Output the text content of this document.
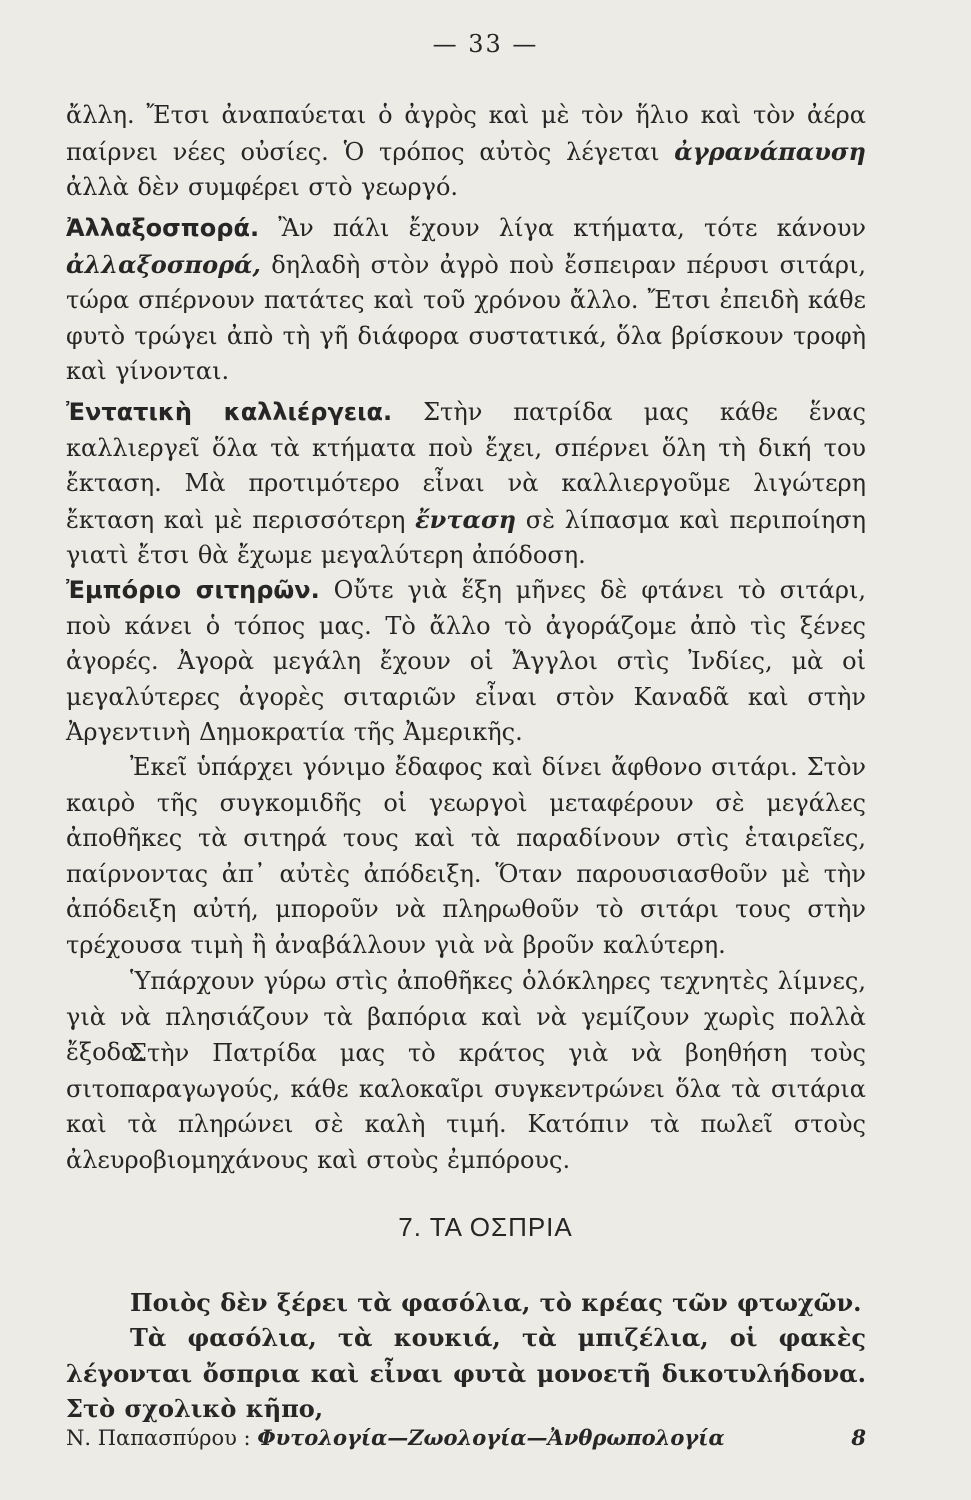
— 33 —

ἄλλη. Ἔτσι ἀναπαύεται ὁ ἀγρὸς καὶ μὲ τὸν ἥλιο καὶ τὸν ἀέρα παίρνει νέες οὐσίες. Ὁ τρόπος αὐτὸς λέγεται ἀγρανάπαυση ἀλλὰ δὲν συμφέρει στὸ γεωργό.

Ἀλλαξοσπορά. Ἂν πάλι ἔχουν λίγα κτήματα, τότε κάνουν ἀλλαξοσπορά, δηλαδὴ στὸν ἀγρὸ ποὺ ἔσπειραν πέρυσι σιτάρι, τώρα σπέρνουν πατάτες καὶ τοῦ χρόνου ἄλλο. Ἔτσι ἐπειδὴ κάθε φυτὸ τρώγει ἀπὸ τὴ γῆ διάφορα συστατικά, ὅλα βρίσκουν τροφὴ καὶ γίνονται.

Ἐντατικὴ καλλιέργεια. Στὴν πατρίδα μας κάθε ἕνας καλλιεργεῖ ὅλα τὰ κτήματα ποὺ ἔχει, σπέρνει ὅλη τὴ δική του ἔκταση. Μὰ προτιμότερο εἶναι νὰ καλλιεργοῦμε λιγώτερη ἔκταση καὶ μὲ περισσότερη ἔνταση σὲ λίπασμα καὶ περιποίηση γιατὶ ἔτσι θὰ ἔχωμε μεγαλύτερη ἀπόδοση.

Ἐμπόριο σιτηρῶν. Οὔτε γιὰ ἕξη μῆνες δὲ φτάνει τὸ σιτάρι, ποὺ κάνει ὁ τόπος μας. Τὸ ἄλλο τὸ ἀγοράζομε ἀπὸ τὶς ξένες ἀγορές. Ἀγορὰ μεγάλη ἔχουν οἱ Ἄγγλοι στὶς Ἰνδίες, μὰ οἱ μεγαλύτερες ἀγορὲς σιταριῶν εἶναι στὸν Καναδᾶ καὶ στὴν Ἀργεντινὴ Δημοκρατία τῆς Ἀμερικῆς.

Ἐκεῖ ὑπάρχει γόνιμο ἔδαφος καὶ δίνει ἄφθονο σιτάρι. Στὸν καιρὸ τῆς συγκομιδῆς οἱ γεωργοὶ μεταφέρουν σὲ μεγάλες ἀποθῆκες τὰ σιτηρά τους καὶ τὰ παραδίνουν στὶς ἑταιρεῖες, παίρνοντας ἀπ᾽ αὐτὲς ἀπόδειξη. Ὅταν παρουσιασθοῦν μὲ τὴν ἀπόδειξη αὐτή, μποροῦν νὰ πληρωθοῦν τὸ σιτάρι τους στὴν τρέχουσα τιμὴ ἢ ἀναβάλλουν γιὰ νὰ βροῦν καλύτερη.

Ὑπάρχουν γύρω στὶς ἀποθῆκες ὁλόκληρες τεχνητὲς λίμνες, γιὰ νὰ πλησιάζουν τὰ βαπόρια καὶ νὰ γεμίζουν χωρὶς πολλὰ ἔξοδα.

Στὴν Πατρίδα μας τὸ κράτος γιὰ νὰ βοηθήση τοὺς σιτοπαραγωγούς, κάθε καλοκαῖρι συγκεντρώνει ὅλα τὰ σιτάρια καὶ τὰ πληρώνει σὲ καλὴ τιμή. Κατόπιν τὰ πωλεῖ στοὺς ἀλευροβιομηχάνους καὶ στοὺς ἐμπόρους.

7. ΤΑ ΟΣΠΡΙΑ

Ποιὸς δὲν ξέρει τὰ φασόλια, τὸ κρέας τῶν φτωχῶν.

Τὰ φασόλια, τὰ κουκιά, τὰ μπιζέλια, οἱ φακὲς λέγονται ὄσπρια καὶ εἶναι φυτὰ μονοετῆ δικοτυλήδονα. Στὸ σχολικὸ κῆπο,

Ν. Παπασπύρου : Φυτολογία—Ζωολογία—Ἀνθρωπολογία	8
